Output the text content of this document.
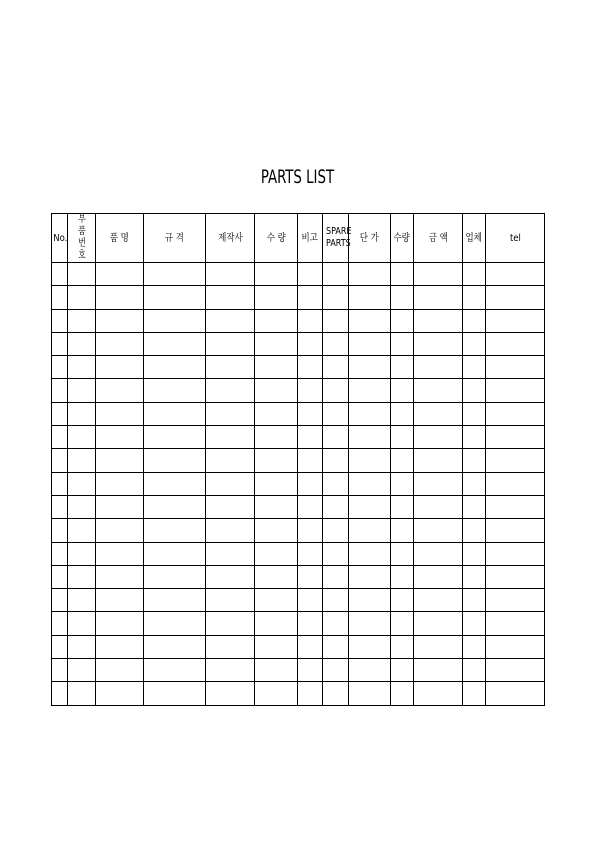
PARTS LIST
No.	부품 번호	품 명	규 격	제작사	수 량	비고	SPARE PARTS	단 가	수량	금 액	업체	tel
